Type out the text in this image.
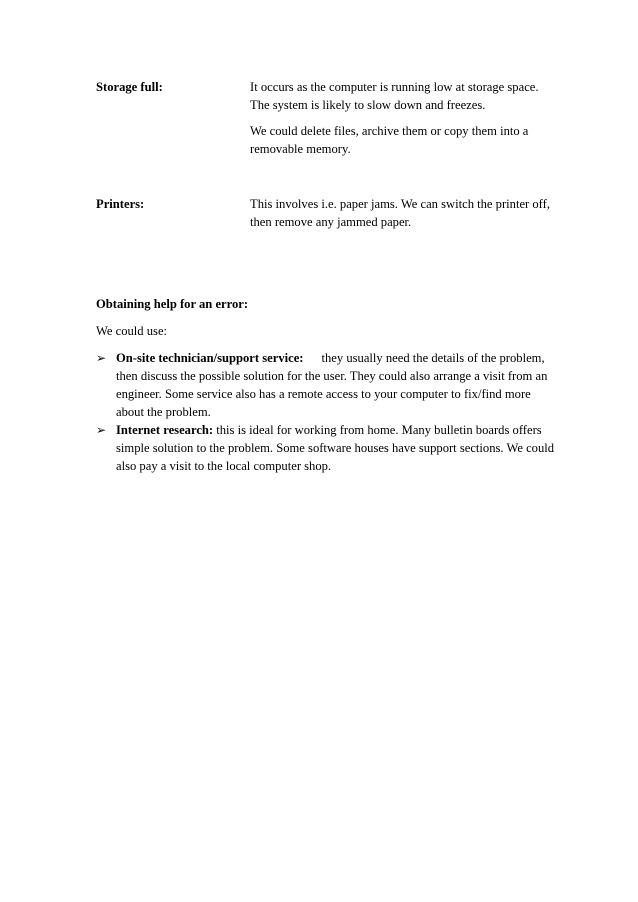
Storage full:	It occurs as the computer is running low at storage space. The system is likely to slow down and freezes.

We could delete files, archive them or copy them into a removable memory.

Printers:	This involves i.e. paper jams. We can switch the printer off, then remove any jammed paper.

Obtaining help for an error:

We could use:

➢ On-site technician/support service: they usually need the details of the problem, then discuss the possible solution for the user. They could also arrange a visit from an engineer. Some service also has a remote access to your computer to fix/find more about the problem.
➢ Internet research: this is ideal for working from home. Many bulletin boards offers simple solution to the problem. Some software houses have support sections. We could also pay a visit to the local computer shop.
